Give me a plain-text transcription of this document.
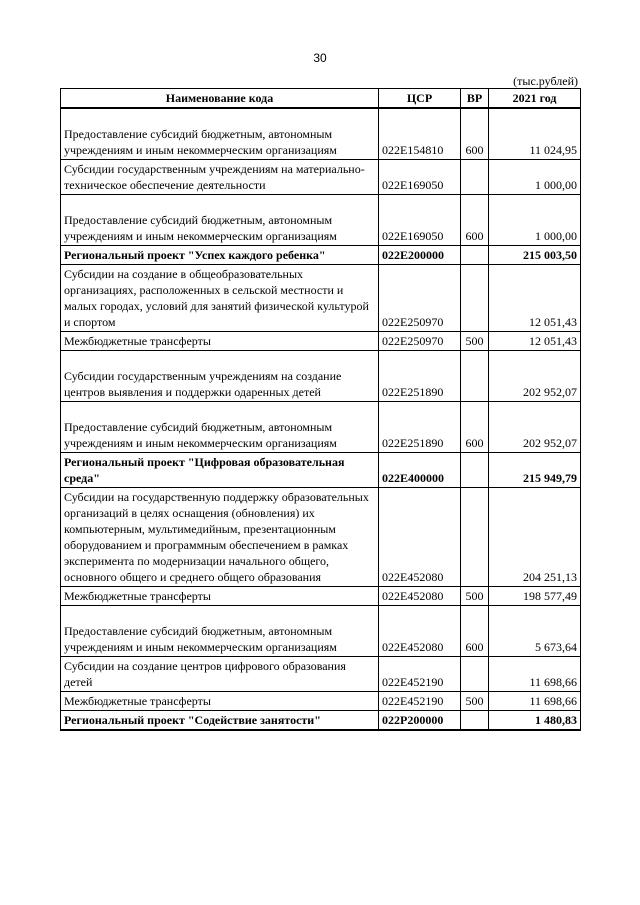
30
(тыс.рублей)
Наименование кода	ЦСР	ВР	2021 год

Предоставление субсидий бюджетным, автономным учреждениям и иным некоммерческим организациям	022E154810	600	11 024,95
Субсидии государственным учреждениям на материально-техническое обеспечение деятельности	022E169050		1 000,00

Предоставление субсидий бюджетным, автономным учреждениям и иным некоммерческим организациям	022E169050	600	1 000,00
Региональный проект "Успех каждого ребенка"	022E200000		215 003,50
Субсидии на создание в общеобразовательных организациях, расположенных в сельской местности и малых городах, условий для занятий физической культурой и спортом	022E250970		12 051,43
Межбюджетные трансферты	022E250970	500	12 051,43

Субсидии государственным учреждениям на создание центров выявления и поддержки одаренных детей	022E251890		202 952,07

Предоставление субсидий бюджетным, автономным учреждениям и иным некоммерческим организациям	022E251890	600	202 952,07
Региональный проект "Цифровая образовательная среда"	022E400000		215 949,79
Субсидии на государственную поддержку образовательных организаций в целях оснащения (обновления) их компьютерным, мультимедийным, презентационным оборудованием и программным обеспечением в рамках эксперимента по модернизации начального общего, основного общего и среднего общего образования	022E452080		204 251,13
Межбюджетные трансферты	022E452080	500	198 577,49

Предоставление субсидий бюджетным, автономным учреждениям и иным некоммерческим организациям	022E452080	600	5 673,64
Субсидии на создание центров цифрового образования детей	022E452190		11 698,66
Межбюджетные трансферты	022E452190	500	11 698,66
Региональный проект "Содействие занятости"	022P200000		1 480,83
